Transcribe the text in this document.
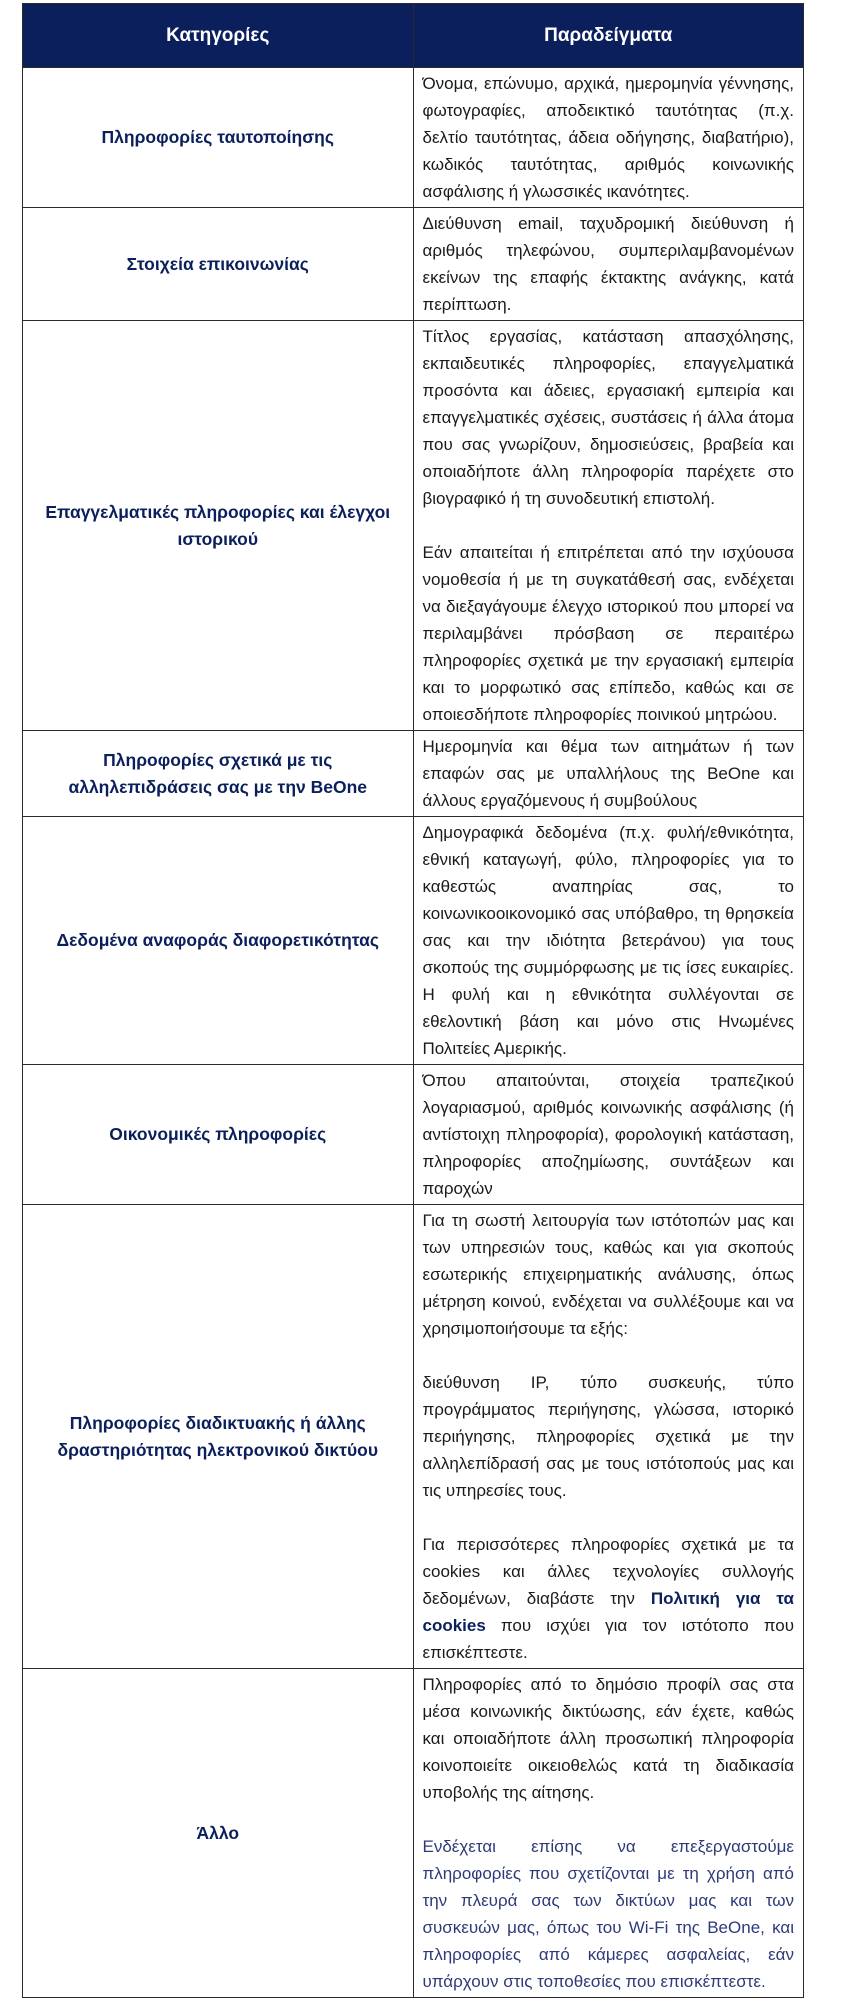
Κατηγορίες	Παραδείγματα
Πληροφορίες ταυτοποίησης	Όνομα, επώνυμο, αρχικά, ημερομηνία γέννησης, φωτογραφίες, αποδεικτικό ταυτότητας (π.χ. δελτίο ταυτότητας, άδεια οδήγησης, διαβατήριο), κωδικός ταυτότητας, αριθμός κοινωνικής ασφάλισης ή γλωσσικές ικανότητες.

Στοιχεία επικοινωνίας	Διεύθυνση email, ταχυδρομική διεύθυνση ή αριθμός τηλεφώνου, συμπεριλαμβανομένων εκείνων της επαφής έκτακτης ανάγκης, κατά περίπτωση.

Επαγγελματικές πληροφορίες και έλεγχοι ιστορικού	Τίτλος εργασίας, κατάσταση απασχόλησης, εκπαιδευτικές πληροφορίες, επαγγελματικά προσόντα και άδειες, εργασιακή εμπειρία και επαγγελματικές σχέσεις, συστάσεις ή άλλα άτομα που σας γνωρίζουν, δημοσιεύσεις, βραβεία και οποιαδήποτε άλλη πληροφορία παρέχετε στο βιογραφικό ή τη συνοδευτική επιστολή.

Εάν απαιτείται ή επιτρέπεται από την ισχύουσα νομοθεσία ή με τη συγκατάθεσή σας, ενδέχεται να διεξαγάγουμε έλεγχο ιστορικού που μπορεί να περιλαμβάνει πρόσβαση σε περαιτέρω πληροφορίες σχετικά με την εργασιακή εμπειρία και το μορφωτικό σας επίπεδο, καθώς και σε οποιεσδήποτε πληροφορίες ποινικού μητρώου.

Πληροφορίες σχετικά με τις αλληλεπιδράσεις σας με την BeOne	Ημερομηνία και θέμα των αιτημάτων ή των επαφών σας με υπαλλήλους της BeOne και άλλους εργαζόμενους ή συμβούλους

Δεδομένα αναφοράς διαφορετικότητας	Δημογραφικά δεδομένα (π.χ. φυλή/εθνικότητα, εθνική καταγωγή, φύλο, πληροφορίες για το καθεστώς αναπηρίας σας, το κοινωνικοοικονομικό σας υπόβαθρο, τη θρησκεία σας και την ιδιότητα βετεράνου) για τους σκοπούς της συμμόρφωσης με τις ίσες ευκαιρίες. Η φυλή και η εθνικότητα συλλέγονται σε εθελοντική βάση και μόνο στις Ηνωμένες Πολιτείες Αμερικής.

Οικονομικές πληροφορίες	Όπου απαιτούνται, στοιχεία τραπεζικού λογαριασμού, αριθμός κοινωνικής ασφάλισης (ή αντίστοιχη πληροφορία), φορολογική κατάσταση, πληροφορίες αποζημίωσης, συντάξεων και παροχών

Πληροφορίες διαδικτυακής ή άλλης δραστηριότητας ηλεκτρονικού δικτύου	Για τη σωστή λειτουργία των ιστότοπών μας και των υπηρεσιών τους, καθώς και για σκοπούς εσωτερικής επιχειρηματικής ανάλυσης, όπως μέτρηση κοινού, ενδέχεται να συλλέξουμε και να χρησιμοποιήσουμε τα εξής:

διεύθυνση IP, τύπο συσκευής, τύπο προγράμματος περιήγησης, γλώσσα, ιστορικό περιήγησης, πληροφορίες σχετικά με την αλληλεπίδρασή σας με τους ιστότοπούς μας και τις υπηρεσίες τους.

Για περισσότερες πληροφορίες σχετικά με τα cookies και άλλες τεχνολογίες συλλογής δεδομένων, διαβάστε την Πολιτική για τα cookies που ισχύει για τον ιστότοπο που επισκέπτεστε.

Άλλο	Πληροφορίες από το δημόσιο προφίλ σας στα μέσα κοινωνικής δικτύωσης, εάν έχετε, καθώς και οποιαδήποτε άλλη προσωπική πληροφορία κοινοποιείτε οικειοθελώς κατά τη διαδικασία υποβολής της αίτησης.

Ενδέχεται επίσης να επεξεργαστούμε πληροφορίες που σχετίζονται με τη χρήση από την πλευρά σας των δικτύων μας και των συσκευών μας, όπως του Wi-Fi της BeOne, και πληροφορίες από κάμερες ασφαλείας, εάν υπάρχουν στις τοποθεσίες που επισκέπτεστε.
